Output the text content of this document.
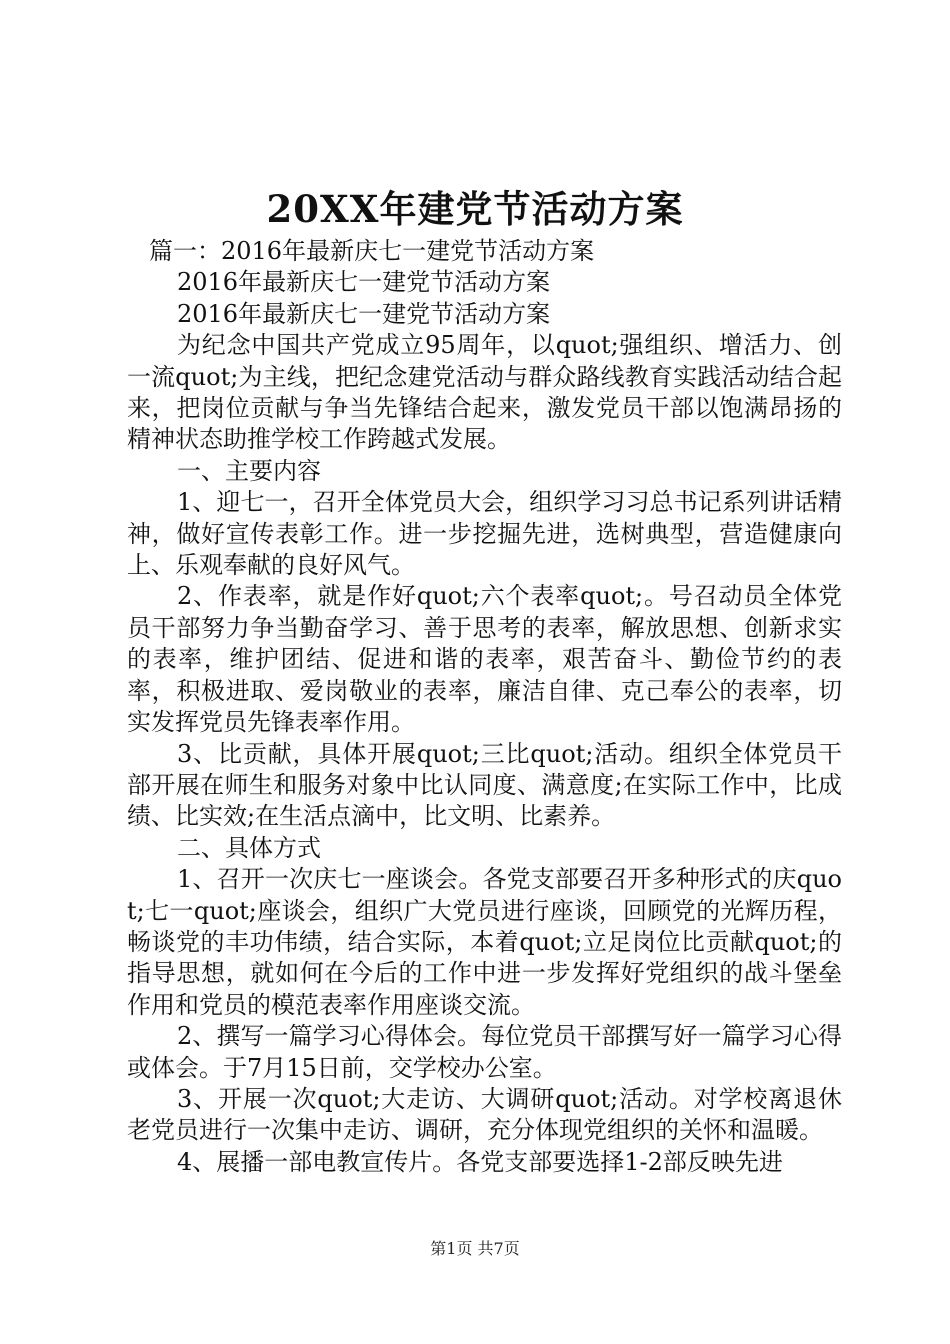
20XX年建党节活动方案

篇一：2016年最新庆七一建党节活动方案

2016年最新庆七一建党节活动方案

2016年最新庆七一建党节活动方案

为纪念中国共产党成立95周年，以quot;强组织、增活力、创一流quot;为主线，把纪念建党活动与群众路线教育实践活动结合起来，把岗位贡献与争当先锋结合起来，激发党员干部以饱满昂扬的精神状态助推学校工作跨越式发展。

一、主要内容

1、迎七一，召开全体党员大会，组织学习习总书记系列讲话精神，做好宣传表彰工作。进一步挖掘先进，选树典型，营造健康向上、乐观奉献的良好风气。

2、作表率，就是作好quot;六个表率quot;。号召动员全体党员干部努力争当勤奋学习、善于思考的表率，解放思想、创新求实的表率，维护团结、促进和谐的表率，艰苦奋斗、勤俭节约的表率，积极进取、爱岗敬业的表率，廉洁自律、克己奉公的表率，切实发挥党员先锋表率作用。

3、比贡献，具体开展quot;三比quot;活动。组织全体党员干部开展在师生和服务对象中比认同度、满意度;在实际工作中，比成绩、比实效;在生活点滴中，比文明、比素养。

二、具体方式

1、召开一次庆七一座谈会。各党支部要召开多种形式的庆quot;七一quot;座谈会，组织广大党员进行座谈，回顾党的光辉历程，畅谈党的丰功伟绩，结合实际，本着quot;立足岗位比贡献quot;的指导思想，就如何在今后的工作中进一步发挥好党组织的战斗堡垒作用和党员的模范表率作用座谈交流。

2、撰写一篇学习心得体会。每位党员干部撰写好一篇学习心得或体会。于7月15日前，交学校办公室。

3、开展一次quot;大走访、大调研quot;活动。对学校离退休老党员进行一次集中走访、调研，充分体现党组织的关怀和温暖。

4、展播一部电教宣传片。各党支部要选择1-2部反映先进

第1页 共7页
